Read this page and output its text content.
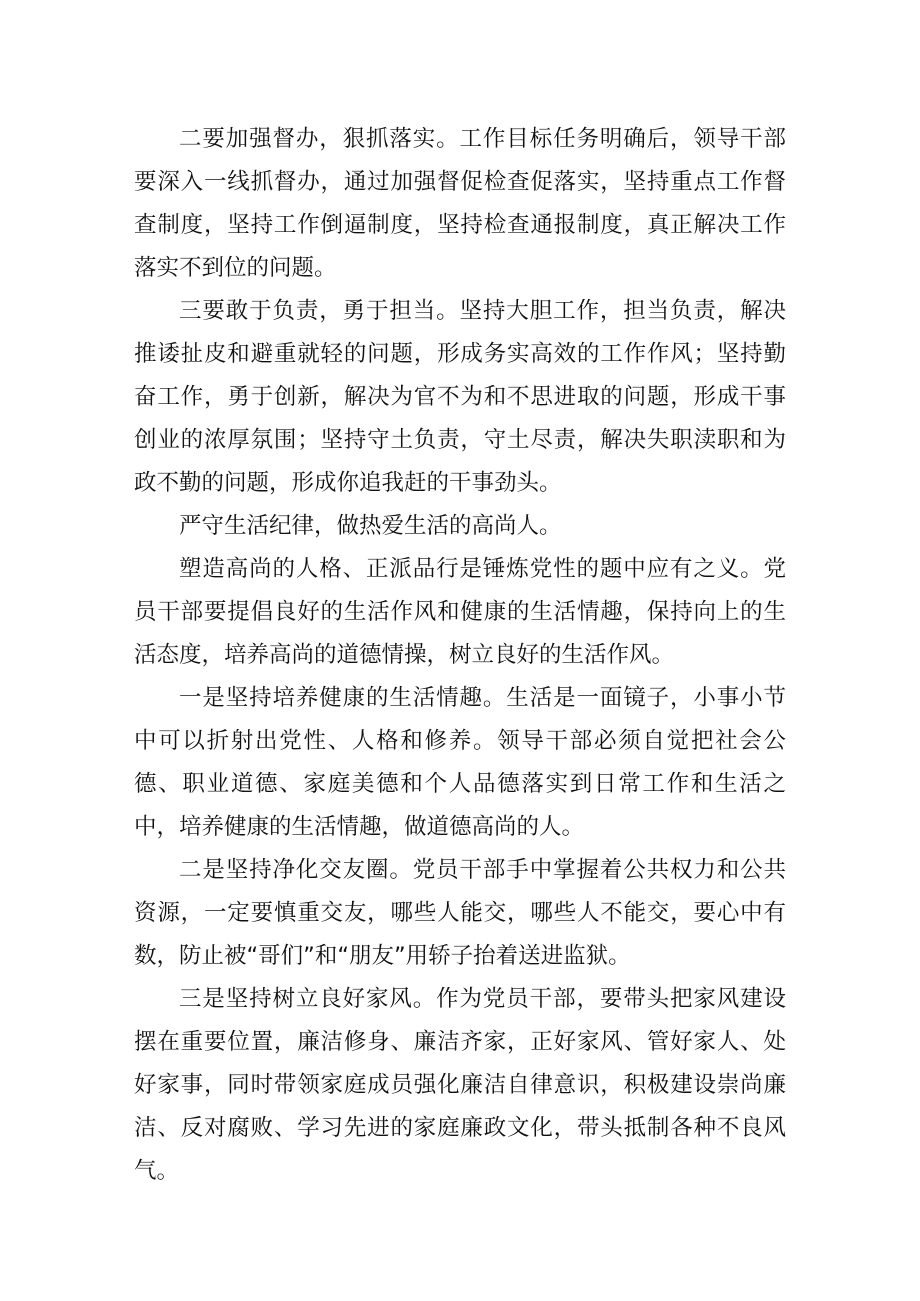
二要加强督办，狠抓落实。工作目标任务明确后，领导干部要深入一线抓督办，通过加强督促检查促落实，坚持重点工作督查制度，坚持工作倒逼制度，坚持检查通报制度，真正解决工作落实不到位的问题。

三要敢于负责，勇于担当。坚持大胆工作，担当负责，解决推诿扯皮和避重就轻的问题，形成务实高效的工作作风；坚持勤奋工作，勇于创新，解决为官不为和不思进取的问题，形成干事创业的浓厚氛围；坚持守土负责，守土尽责，解决失职渎职和为政不勤的问题，形成你追我赶的干事劲头。

严守生活纪律，做热爱生活的高尚人。

塑造高尚的人格、正派品行是锤炼党性的题中应有之义。党员干部要提倡良好的生活作风和健康的生活情趣，保持向上的生活态度，培养高尚的道德情操，树立良好的生活作风。

一是坚持培养健康的生活情趣。生活是一面镜子，小事小节中可以折射出党性、人格和修养。领导干部必须自觉把社会公德、职业道德、家庭美德和个人品德落实到日常工作和生活之中，培养健康的生活情趣，做道德高尚的人。

二是坚持净化交友圈。党员干部手中掌握着公共权力和公共资源，一定要慎重交友，哪些人能交，哪些人不能交，要心中有数，防止被“哥们”和“朋友”用轿子抬着送进监狱。

三是坚持树立良好家风。作为党员干部，要带头把家风建设摆在重要位置，廉洁修身、廉洁齐家，正好家风、管好家人、处好家事，同时带领家庭成员强化廉洁自律意识，积极建设崇尚廉洁、反对腐败、学习先进的家庭廉政文化，带头抵制各种不良风气。
